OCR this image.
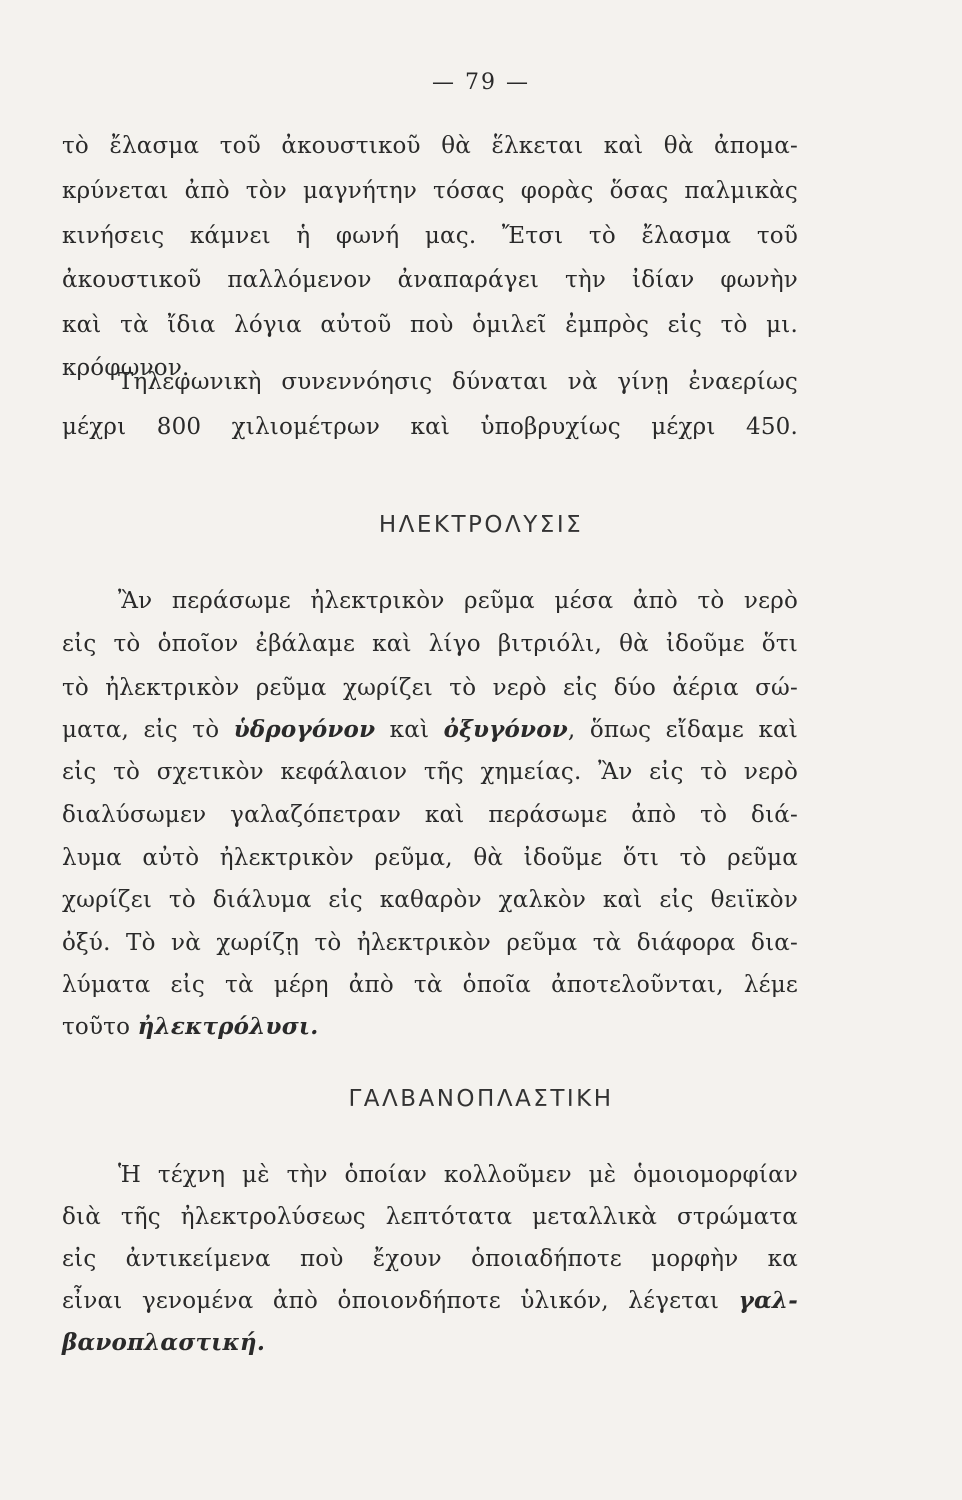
— 79 —
τὸ ἔλασμα τοῦ ἀκουστικοῦ θὰ ἕλκεται καὶ θὰ ἀπομα-
κρύνεται ἀπὸ τὸν μαγνήτην τόσας φορὰς ὅσας παλμικὰς
κινήσεις κάμνει ἡ φωνή μας. Ἔτσι τὸ ἔλασμα τοῦ
ἀκουστικοῦ παλλόμενον ἀναπαράγει τὴν ἰδίαν φωνὴν
καὶ τὰ ἴδια λόγια αὐτοῦ ποὺ ὁμιλεῖ ἐμπρὸς εἰς τὸ μι.
κρόφωνον.
Τηλεφωνικὴ συνεννόησις δύναται νὰ γίνῃ ἐναερίως
μέχρι 800 χιλιομέτρων καὶ ὑποβρυχίως μέχρι 450.
ΗΛΕΚΤΡΟΛΥΣΙΣ
Ἂν περάσωμε ἠλεκτρικὸν ρεῦμα μέσα ἀπὸ τὸ νερὸ
εἰς τὸ ὁποῖον ἐβάλαμε καὶ λίγο βιτριόλι, θὰ ἰδοῦμε ὅτι
τὸ ἠλεκτρικὸν ρεῦμα χωρίζει τὸ νερὸ εἰς δύο ἀέρια σώ-
ματα, εἰς τὸ ὑδρογόνον καὶ ὀξυγόνον, ὅπως εἴδαμε καὶ
εἰς τὸ σχετικὸν κεφάλαιον τῆς χημείας. Ἂν εἰς τὸ νερὸ
διαλύσωμεν γαλαζόπετραν καὶ περάσωμε ἀπὸ τὸ διά-
λυμα αὐτὸ ἠλεκτρικὸν ρεῦμα, θὰ ἰδοῦμε ὅτι τὸ ρεῦμα
χωρίζει τὸ διάλυμα εἰς καθαρὸν χαλκὸν καὶ εἰς θειϊκὸν
ὀξύ. Τὸ νὰ χωρίζῃ τὸ ἠλεκτρικὸν ρεῦμα τὰ διάφορα δια-
λύματα εἰς τὰ μέρη ἀπὸ τὰ ὁποῖα ἀποτελοῦνται, λέμε
τοῦτο ἠλεκτρόλυσι.
ΓΑΛΒΑΝΟΠΛΑΣΤΙΚΗ
Ἡ τέχνη μὲ τὴν ὁποίαν κολλοῦμεν μὲ ὁμοιομορφίαν
διὰ τῆς ἠλεκτρολύσεως λεπτότατα μεταλλικὰ στρώματα
εἰς ἀντικείμενα ποὺ ἔχουν ὁποιαδήποτε μορφὴν κα
εἶναι γενομένα ἀπὸ ὁποιονδήποτε ὑλικόν, λέγεται γαλ-
βανοπλαστική.
